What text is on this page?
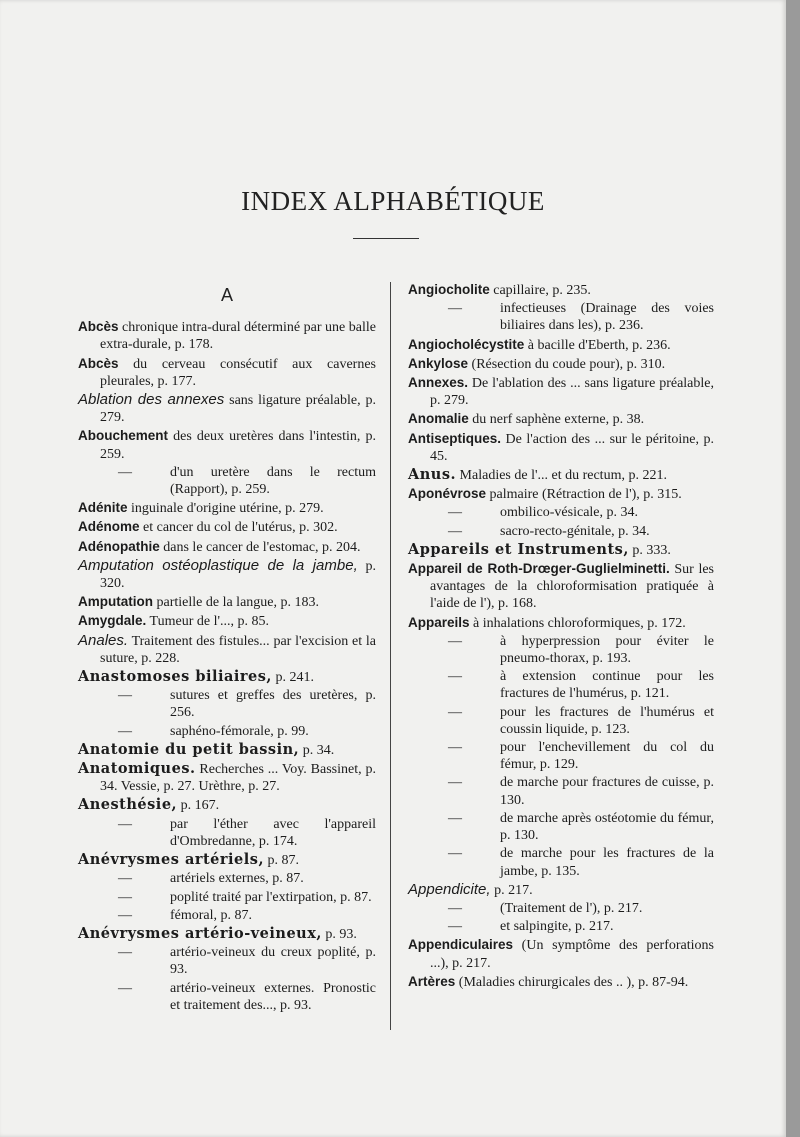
INDEX ALPHABÉTIQUE
A
Abcès chronique intra-dural déterminé par une balle extra-durale, p. 178.
Abcès du cerveau consécutif aux cavernes pleurales, p. 177.
Ablation des annexes sans ligature préalable, p. 279.
Abouchement des deux uretères dans l'intestin, p. 259.
—	d'un uretère dans le rectum (Rapport), p. 259.
Adénite inguinale d'origine utérine, p. 279.
Adénome et cancer du col de l'utérus, p. 302.
Adénopathie dans le cancer de l'estomac, p. 204.
Amputation ostéoplastique de la jambe, p. 320.
Amputation partielle de la langue, p. 183.
Amygdale. Tumeur de l'..., p. 85.
Anales. Traitement des fistules... par l'excision et la suture, p. 228.
Anastomoses biliaires, p. 241.
—	sutures et greffes des uretères, p. 256.
—	saphéno-fémorale, p. 99.
Anatomie du petit bassin, p. 34.
Anatomiques. Recherches ... Voy. Bassinet, p. 34. Vessie, p. 27. Urèthre, p. 27.
Anesthésie, p. 167.
—	par l'éther avec l'appareil d'Ombredanne, p. 174.
Anévrysmes artériels, p. 87.
—	artériels externes, p. 87.
—	poplité traité par l'extirpation, p. 87.
—	fémoral, p. 87.
Anévrysmes artério-veineux, p. 93.
—	artério-veineux du creux poplité, p. 93.
—	artério-veineux externes. Pronostic et traitement des..., p. 93.
Angiocholite capillaire, p. 235.
—	infectieuses (Drainage des voies biliaires dans les), p. 236.
Angiocholécystite à bacille d'Eberth, p. 236.
Ankylose (Résection du coude pour), p. 310.
Annexes. De l'ablation des ... sans ligature préalable, p. 279.
Anomalie du nerf saphène externe, p. 38.
Antiseptiques. De l'action des ... sur le péritoine, p. 45.
Anus. Maladies de l'... et du rectum, p. 221.
Aponévrose palmaire (Rétraction de l'), p. 315.
—	ombilico-vésicale, p. 34.
—	sacro-recto-génitale, p. 34.
Appareils et Instruments, p. 333.
Appareil de Roth-Drœger-Guglielminetti. Sur les avantages de la chloroformisation pratiquée à l'aide de l'), p. 168.
Appareils à inhalations chloroformiques, p. 172.
—	à hyperpression pour éviter le pneumo-thorax, p. 193.
—	à extension continue pour les fractures de l'humérus, p. 121.
—	pour les fractures de l'humérus et coussin liquide, p. 123.
—	pour l'enchevillement du col du fémur, p. 129.
—	de marche pour fractures de cuisse, p. 130.
—	de marche après ostéotomie du fémur, p. 130.
—	de marche pour les fractures de la jambe, p. 135.
Appendicite, p. 217.
—	(Traitement de l'), p. 217.
—	et salpingite, p. 217.
Appendiculaires (Un symptôme des perforations ...), p. 217.
Artères (Maladies chirurgicales des .. ), p. 87-94.
